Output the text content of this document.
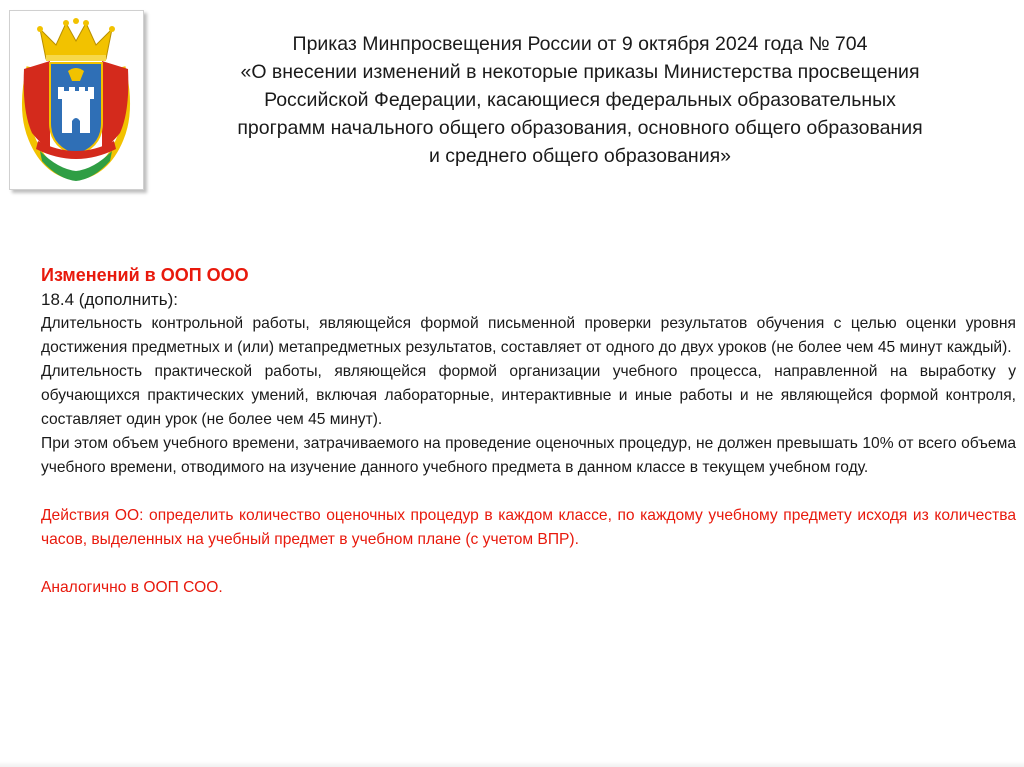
Приказ Минпросвещения России от 9 октября 2024 года № 704
«О внесении изменений в некоторые приказы Министерства просвещения
Российской Федерации, касающиеся федеральных образовательных
программ начального общего образования, основного общего образования
и среднего общего образования»

Изменений в ООП ООО

18.4 (дополнить):

Длительность контрольной работы, являющейся формой письменной проверки результатов обучения с целью оценки уровня достижения предметных и (или) метапредметных результатов, составляет от одного до двух уроков (не более чем 45 минут каждый).

Длительность практической работы, являющейся формой организации учебного процесса, направленной на выработку у обучающихся практических умений, включая лабораторные, интерактивные и иные работы и не являющейся формой контроля, составляет один урок (не более чем 45 минут).

При этом объем учебного времени, затрачиваемого на проведение оценочных процедур, не должен превышать 10% от всего объема учебного времени, отводимого на изучение данного учебного предмета в данном классе в текущем учебном году.

Действия ОО: определить количество оценочных процедур в каждом классе, по каждому учебному предмету исходя из количества часов, выделенных на учебный предмет в учебном плане (с учетом ВПР).

Аналогично в ООП СОО.
